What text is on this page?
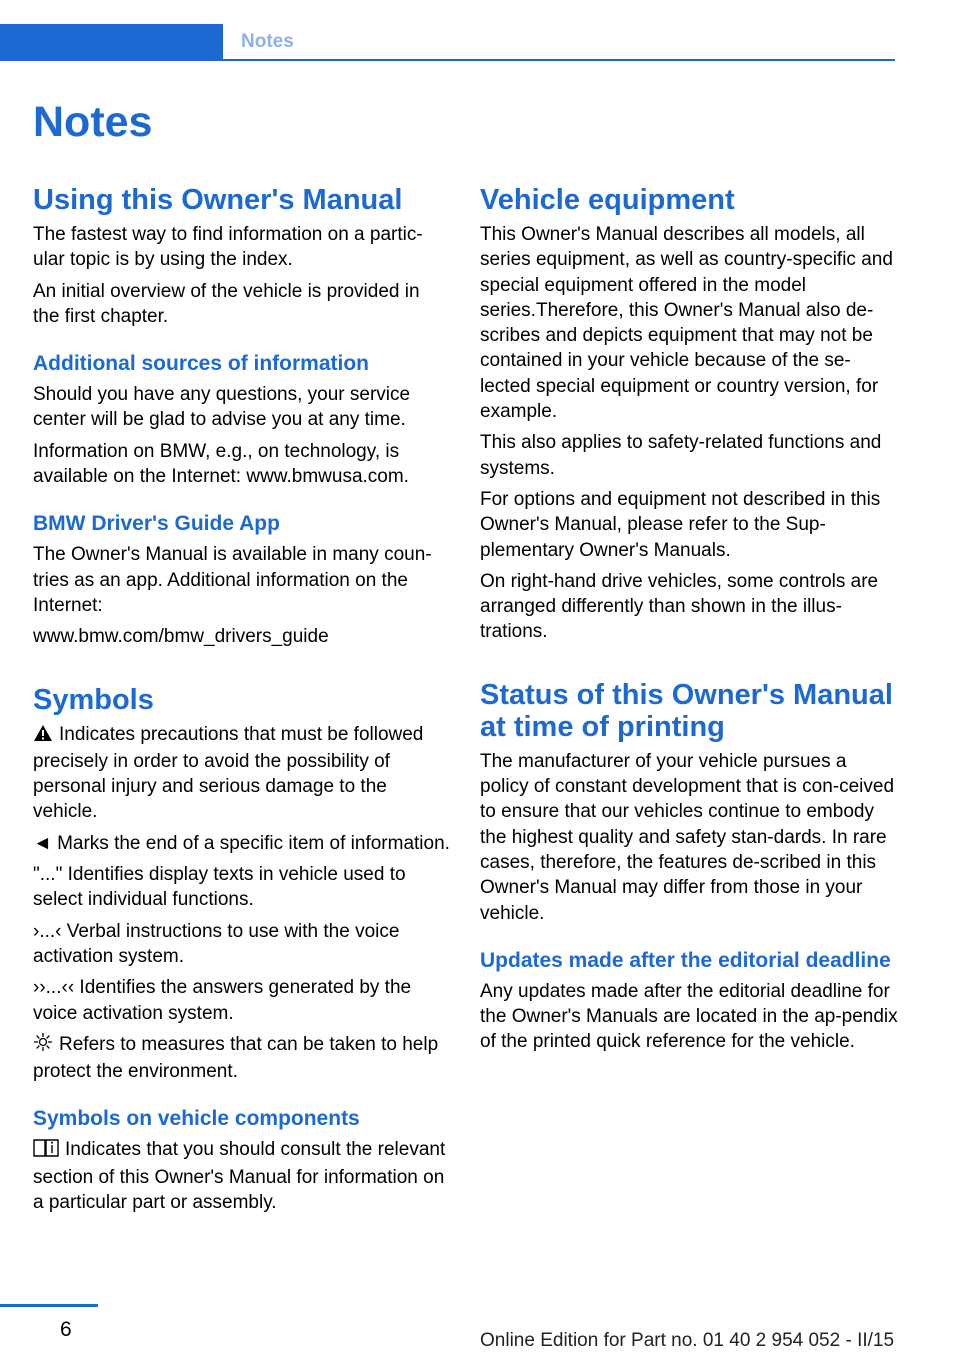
Notes
Notes
Using this Owner's Manual

The fastest way to find information on a partic‐ular topic is by using the index.

An initial overview of the vehicle is provided in the first chapter.

Additional sources of information

Should you have any questions, your service center will be glad to advise you at any time.

Information on BMW, e.g., on technology, is available on the Internet: www.bmwusa.com.

BMW Driver's Guide App

The Owner's Manual is available in many coun‐tries as an app. Additional information on the Internet:

www.bmw.com/bmw_drivers_guide

Symbols

Indicates precautions that must be followed precisely in order to avoid the possibility of personal injury and serious damage to the vehicle.

◄ Marks the end of a specific item of information.

"..." Identifies display texts in vehicle used to select individual functions.

›...‹ Verbal instructions to use with the voice activation system.

››...‹‹ Identifies the answers generated by the voice activation system.

Refers to measures that can be taken to help protect the environment.

Symbols on vehicle components

Indicates that you should consult the relevant section of this Owner's Manual for information on a particular part or assembly.

Vehicle equipment

This Owner's Manual describes all models, all series equipment, as well as country-specific and special equipment offered in the model series.Therefore, this Owner's Manual also de‐scribes and depicts equipment that may not be contained in your vehicle because of the se‐lected special equipment or country version, for example.

This also applies to safety-related functions and systems.

For options and equipment not described in this Owner's Manual, please refer to the Sup‐plementary Owner's Manuals.

On right-hand drive vehicles, some controls are arranged differently than shown in the illus‐trations.

Status of this Owner's Manual at time of printing

The manufacturer of your vehicle pursues a policy of constant development that is con‐ceived to ensure that our vehicles continue to embody the highest quality and safety stan‐dards. In rare cases, therefore, the features de‐scribed in this Owner's Manual may differ from those in your vehicle.

Updates made after the editorial deadline

Any updates made after the editorial deadline for the Owner's Manuals are located in the ap‐pendix of the printed quick reference for the vehicle.

6	Online Edition for Part no. 01 40 2 954 052 - II/15
